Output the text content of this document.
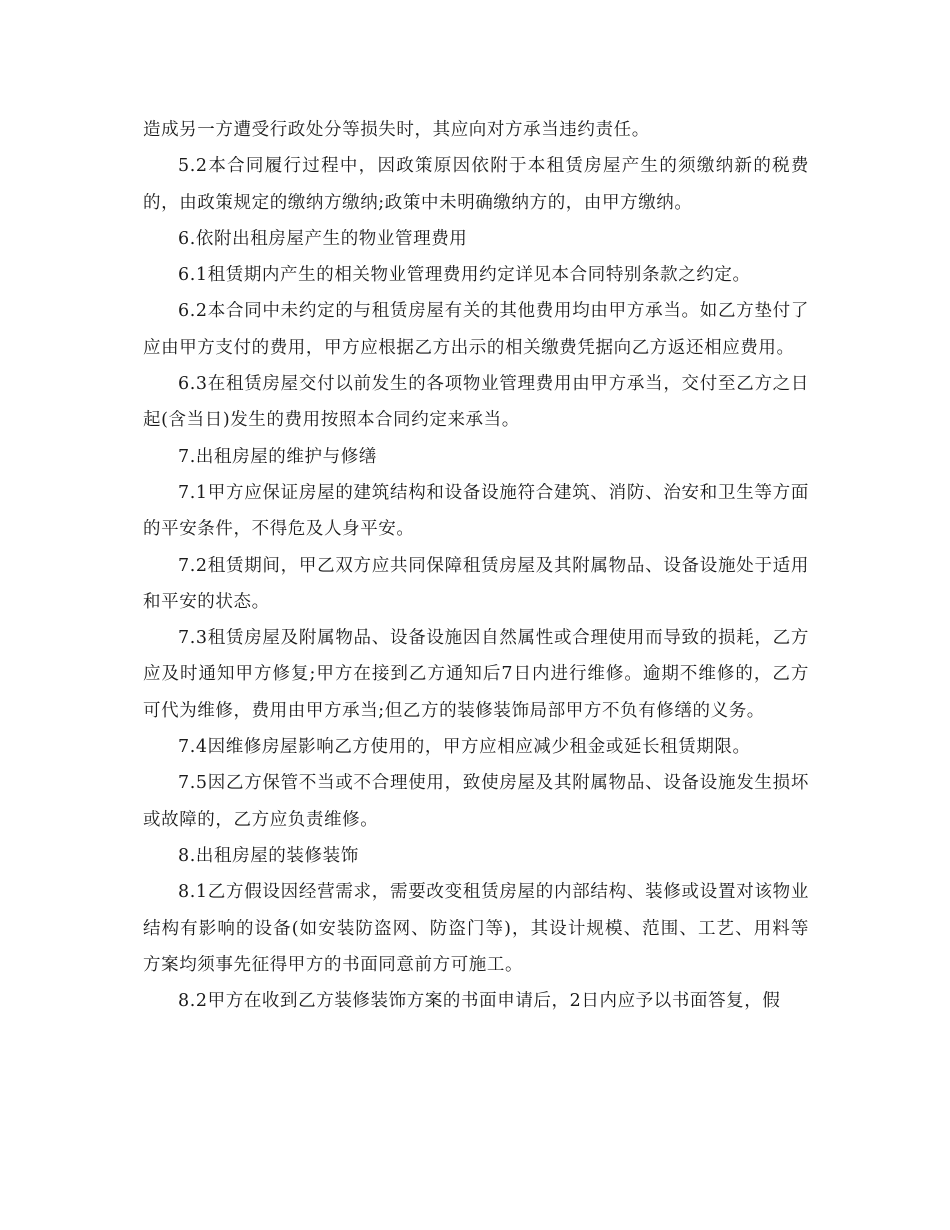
造成另一方遭受行政处分等损失时，其应向对方承当违约责任。

5.2本合同履行过程中，因政策原因依附于本租赁房屋产生的须缴纳新的税费的，由政策规定的缴纳方缴纳;政策中未明确缴纳方的，由甲方缴纳。

6.依附出租房屋产生的物业管理费用

6.1租赁期内产生的相关物业管理费用约定详见本合同特别条款之约定。

6.2本合同中未约定的与租赁房屋有关的其他费用均由甲方承当。如乙方垫付了应由甲方支付的费用，甲方应根据乙方出示的相关缴费凭据向乙方返还相应费用。

6.3在租赁房屋交付以前发生的各项物业管理费用由甲方承当，交付至乙方之日起(含当日)发生的费用按照本合同约定来承当。

7.出租房屋的维护与修缮

7.1甲方应保证房屋的建筑结构和设备设施符合建筑、消防、治安和卫生等方面的平安条件，不得危及人身平安。

7.2租赁期间，甲乙双方应共同保障租赁房屋及其附属物品、设备设施处于适用和平安的状态。

7.3租赁房屋及附属物品、设备设施因自然属性或合理使用而导致的损耗，乙方应及时通知甲方修复;甲方在接到乙方通知后7日内进行维修。逾期不维修的，乙方可代为维修，费用由甲方承当;但乙方的装修装饰局部甲方不负有修缮的义务。

7.4因维修房屋影响乙方使用的，甲方应相应减少租金或延长租赁期限。

7.5因乙方保管不当或不合理使用，致使房屋及其附属物品、设备设施发生损坏或故障的，乙方应负责维修。

8.出租房屋的装修装饰

8.1乙方假设因经营需求，需要改变租赁房屋的内部结构、装修或设置对该物业结构有影响的设备(如安装防盗网、防盗门等)，其设计规模、范围、工艺、用料等方案均须事先征得甲方的书面同意前方可施工。

8.2甲方在收到乙方装修装饰方案的书面申请后，2日内应予以书面答复，假
